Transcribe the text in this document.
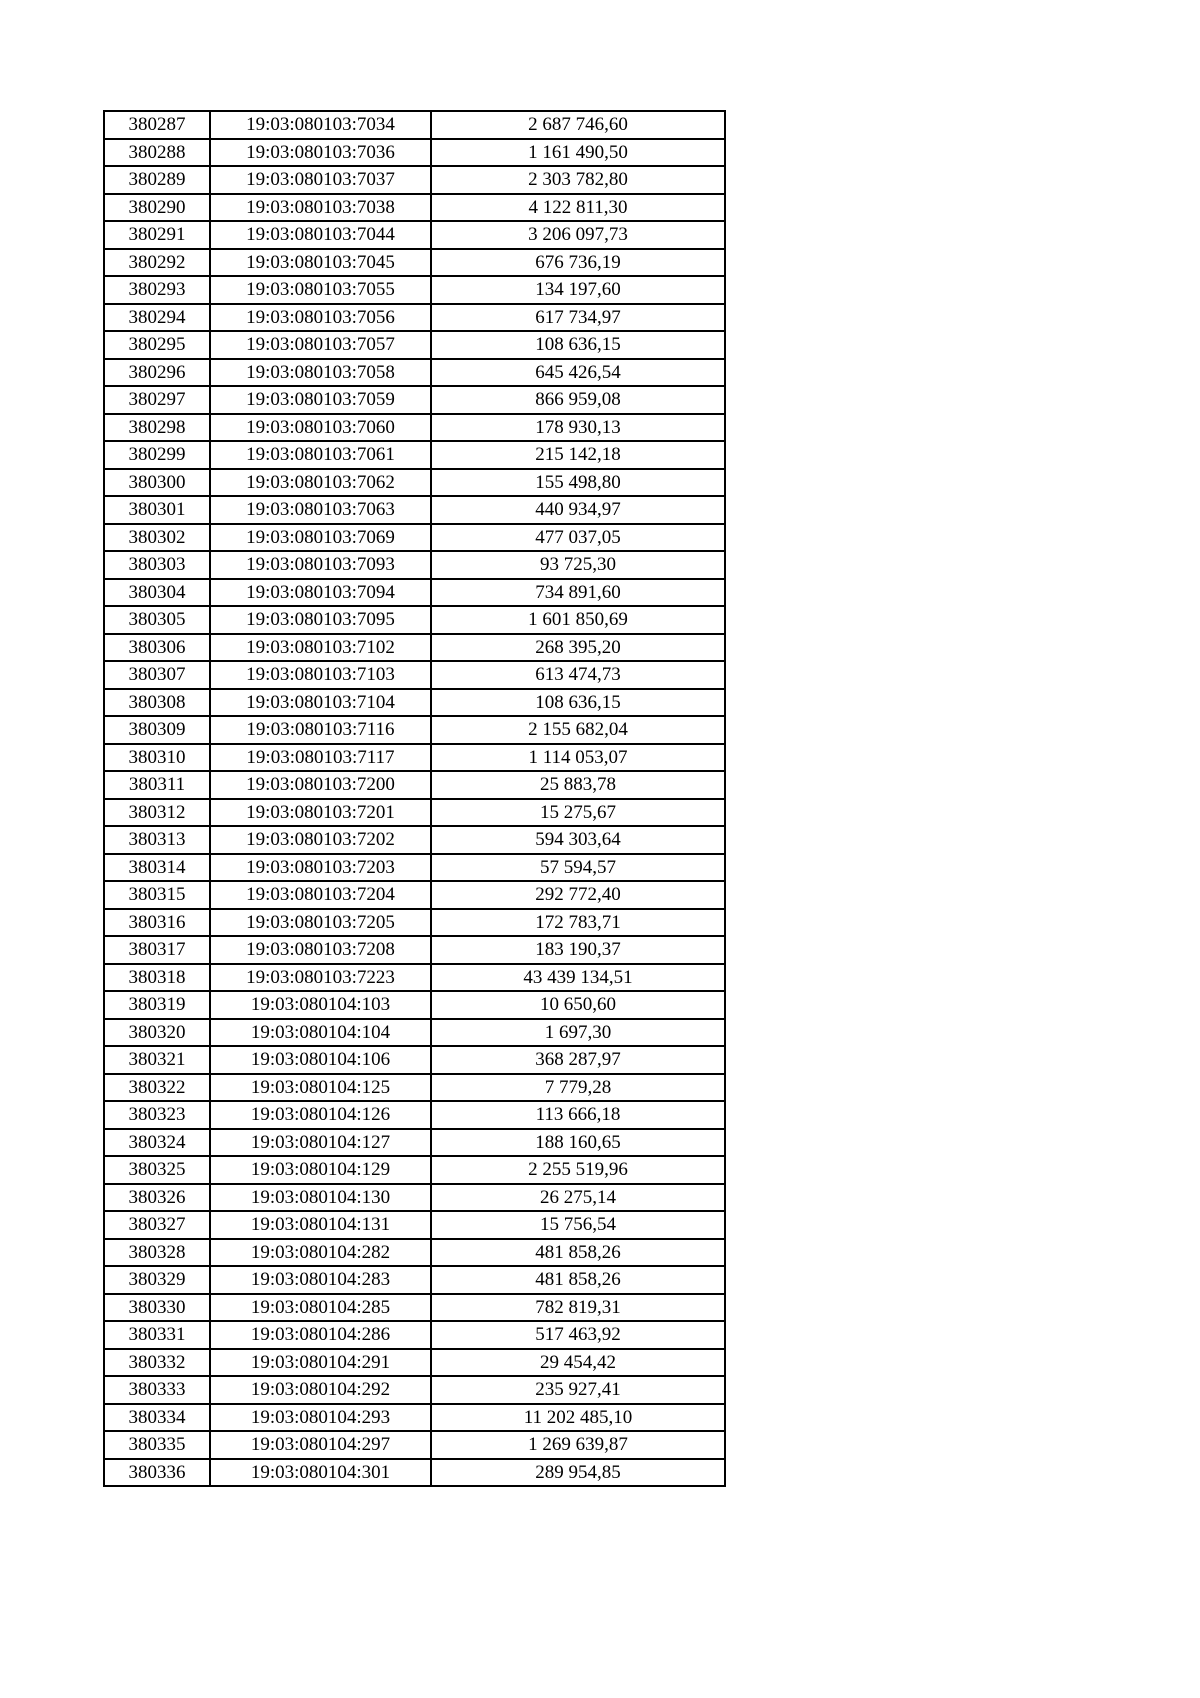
380287	19:03:080103:7034	2 687 746,60
380288	19:03:080103:7036	1 161 490,50
380289	19:03:080103:7037	2 303 782,80
380290	19:03:080103:7038	4 122 811,30
380291	19:03:080103:7044	3 206 097,73
380292	19:03:080103:7045	676 736,19
380293	19:03:080103:7055	134 197,60
380294	19:03:080103:7056	617 734,97
380295	19:03:080103:7057	108 636,15
380296	19:03:080103:7058	645 426,54
380297	19:03:080103:7059	866 959,08
380298	19:03:080103:7060	178 930,13
380299	19:03:080103:7061	215 142,18
380300	19:03:080103:7062	155 498,80
380301	19:03:080103:7063	440 934,97
380302	19:03:080103:7069	477 037,05
380303	19:03:080103:7093	93 725,30
380304	19:03:080103:7094	734 891,60
380305	19:03:080103:7095	1 601 850,69
380306	19:03:080103:7102	268 395,20
380307	19:03:080103:7103	613 474,73
380308	19:03:080103:7104	108 636,15
380309	19:03:080103:7116	2 155 682,04
380310	19:03:080103:7117	1 114 053,07
380311	19:03:080103:7200	25 883,78
380312	19:03:080103:7201	15 275,67
380313	19:03:080103:7202	594 303,64
380314	19:03:080103:7203	57 594,57
380315	19:03:080103:7204	292 772,40
380316	19:03:080103:7205	172 783,71
380317	19:03:080103:7208	183 190,37
380318	19:03:080103:7223	43 439 134,51
380319	19:03:080104:103	10 650,60
380320	19:03:080104:104	1 697,30
380321	19:03:080104:106	368 287,97
380322	19:03:080104:125	7 779,28
380323	19:03:080104:126	113 666,18
380324	19:03:080104:127	188 160,65
380325	19:03:080104:129	2 255 519,96
380326	19:03:080104:130	26 275,14
380327	19:03:080104:131	15 756,54
380328	19:03:080104:282	481 858,26
380329	19:03:080104:283	481 858,26
380330	19:03:080104:285	782 819,31
380331	19:03:080104:286	517 463,92
380332	19:03:080104:291	29 454,42
380333	19:03:080104:292	235 927,41
380334	19:03:080104:293	11 202 485,10
380335	19:03:080104:297	1 269 639,87
380336	19:03:080104:301	289 954,85
